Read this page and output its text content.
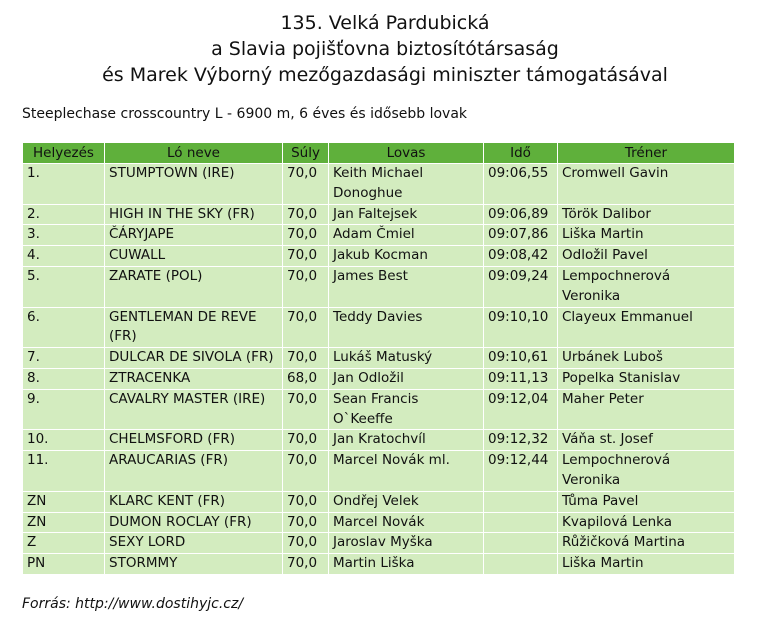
135. Velká Pardubická
a Slavia pojišťovna biztosítótársaság
és Marek Výborný mezőgazdasági miniszter támogatásával
Steeplechase crosscountry L - 6900 m, 6 éves és idősebb lovak
Helyezés	Ló neve	Súly	Lovas	Idő	Tréner
1.	STUMPTOWN (IRE)	70,0	Keith Michael Donoghue	09:06,55	Cromwell Gavin
2.	HIGH IN THE SKY (FR)	70,0	Jan Faltejsek	09:06,89	Török Dalibor
3.	ČÁRYJAPE	70,0	Adam Čmiel	09:07,86	Liška Martin
4.	CUWALL	70,0	Jakub Kocman	09:08,42	Odložil Pavel
5.	ZARATE (POL)	70,0	James Best	09:09,24	Lempochnerová Veronika
6.	GENTLEMAN DE REVE (FR)	70,0	Teddy Davies	09:10,10	Clayeux Emmanuel
7.	DULCAR DE SIVOLA (FR)	70,0	Lukáš Matuský	09:10,61	Urbánek Luboš
8.	ZTRACENKA	68,0	Jan Odložil	09:11,13	Popelka Stanislav
9.	CAVALRY MASTER (IRE)	70,0	Sean Francis O`Keeffe	09:12,04	Maher Peter
10.	CHELMSFORD (FR)	70,0	Jan Kratochvíl	09:12,32	Váňa st. Josef
11.	ARAUCARIAS (FR)	70,0	Marcel Novák ml.	09:12,44	Lempochnerová Veronika
ZN	KLARC KENT (FR)	70,0	Ondřej Velek		Tůma Pavel
ZN	DUMON ROCLAY (FR)	70,0	Marcel Novák		Kvapilová Lenka
Z	SEXY LORD	70,0	Jaroslav Myška		Růžičková Martina
PN	STORMMY	70,0	Martin Liška		Liška Martin
Forrás: http://www.dostihyjc.cz/
